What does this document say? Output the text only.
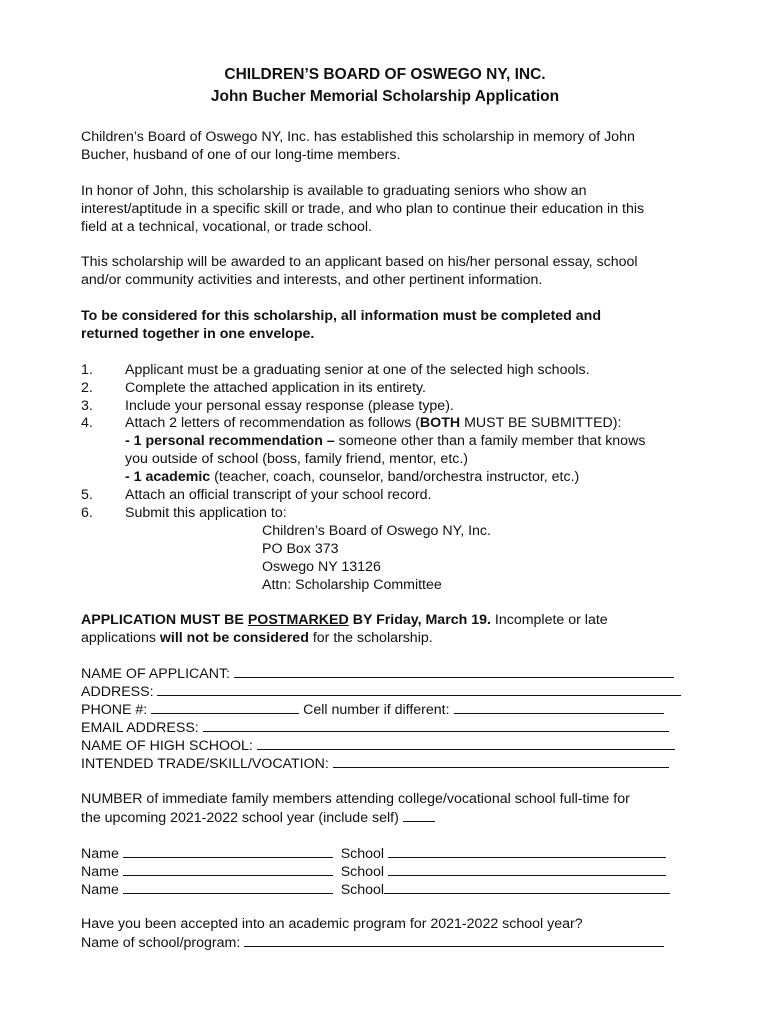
CHILDREN’S BOARD OF OSWEGO NY, INC.
John Bucher Memorial Scholarship Application
Children’s Board of Oswego NY, Inc. has established this scholarship in memory of John
Bucher, husband of one of our long-time members.
In honor of John, this scholarship is available to graduating seniors who show an
interest/aptitude in a specific skill or trade, and who plan to continue their education in this
field at a technical, vocational, or trade school.
This scholarship will be awarded to an applicant based on his/her personal essay, school
and/or community activities and interests, and other pertinent information.
To be considered for this scholarship, all information must be completed and
returned together in one envelope.
1. Applicant must be a graduating senior at one of the selected high schools.
2. Complete the attached application in its entirety.
3. Include your personal essay response (please type).
4. Attach 2 letters of recommendation as follows (BOTH MUST BE SUBMITTED):
- 1 personal recommendation – someone other than a family member that knows
you outside of school (boss, family friend, mentor, etc.)
- 1 academic (teacher, coach, counselor, band/orchestra instructor, etc.)
5. Attach an official transcript of your school record.
6. Submit this application to:
Children’s Board of Oswego NY, Inc.
PO Box 373
Oswego NY 13126
Attn: Scholarship Committee
APPLICATION MUST BE POSTMARKED BY Friday, March 19. Incomplete or late
applications will not be considered for the scholarship.
NAME OF APPLICANT:
ADDRESS:
PHONE #:	Cell number if different:
EMAIL ADDRESS:
NAME OF HIGH SCHOOL:
INTENDED TRADE/SKILL/VOCATION:
NUMBER of immediate family members attending college/vocational school full-time for
the upcoming 2021-2022 school year (include self)
Name	School
Name	School
Name	School
Have you been accepted into an academic program for 2021-2022 school year?
Name of school/program:
